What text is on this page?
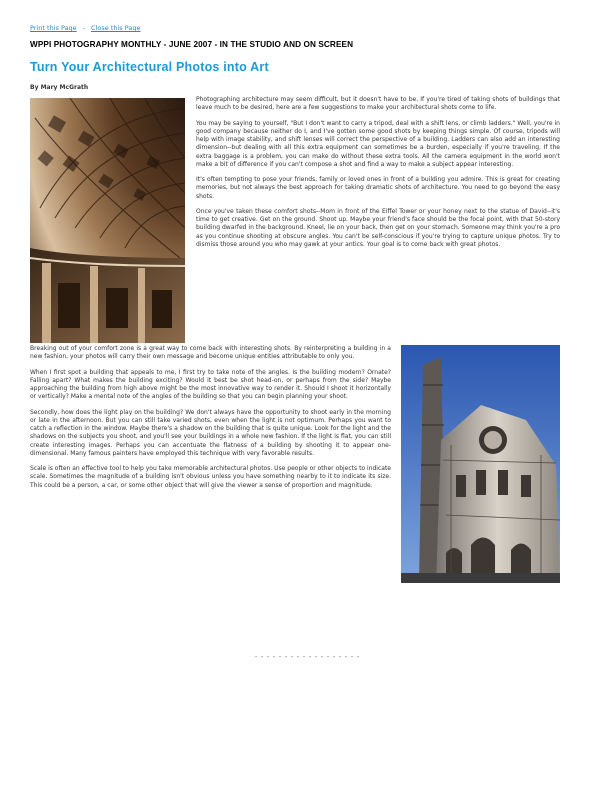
Print this Page - Close this Page
WPPI PHOTOGRAPHY MONTHLY - JUNE 2007 - IN THE STUDIO AND ON SCREEN
Turn Your Architectural Photos into Art
By Mary McGrath

Photographing architecture may seem difficult, but it doesn't have to be. If you're tired of taking shots of buildings that leave much to be desired, here are a few suggestions to make your architectural shots come to life.

You may be saying to yourself, "But I don't want to carry a tripod, deal with a shift lens, or climb ladders." Well, you're in good company because neither do I, and I've gotten some good shots by keeping things simple. Of course, tripods will help with image stability, and shift lenses will correct the perspective of a building. Ladders can also add an interesting dimension--but dealing with all this extra equipment can sometimes be a burden, especially if you're traveling. If the extra baggage is a problem, you can make do without these extra tools. All the camera equipment in the world won't make a bit of difference if you can't compose a shot and find a way to make a subject appear interesting.

It's often tempting to pose your friends, family or loved ones in front of a building you admire. This is great for creating memories, but not always the best approach for taking dramatic shots of architecture. You need to go beyond the easy shots.

Once you've taken these comfort shots--Mom in front of the Eiffel Tower or your honey next to the statue of David--it's time to get creative. Get on the ground. Shoot up. Maybe your friend's face should be the focal point, with that 50-story building dwarfed in the background. Kneel, lie on your back, then get on your stomach. Someone may think you're a pro as you continue shooting at obscure angles. You can't be self-conscious if you're trying to capture unique photos. Try to dismiss those around you who may gawk at your antics. Your goal is to come back with great photos.

Breaking out of your comfort zone is a great way to come back with interesting shots. By reinterpreting a building in a new fashion, your photos will carry their own message and become unique entities attributable to only you.

When I first spot a building that appeals to me, I first try to take note of the angles. Is the building modern? Ornate? Falling apart? What makes the building exciting? Would it best be shot head-on, or perhaps from the side? Maybe approaching the building from high above might be the most innovative way to render it. Should I shoot it horizontally or vertically? Make a mental note of the angles of the building so that you can begin planning your shoot.

Secondly, how does the light play on the building? We don't always have the opportunity to shoot early in the morning or late in the afternoon. But you can still take varied shots, even when the light is not optimum. Perhaps you want to catch a reflection in the window. Maybe there's a shadow on the building that is quite unique. Look for the light and the shadows on the subjects you shoot, and you'll see your buildings in a whole new fashion. If the light is flat, you can still create interesting images. Perhaps you can accentuate the flatness of a building by shooting it to appear one-dimensional. Many famous painters have employed this technique with very favorable results.

Scale is often an effective tool to help you take memorable architectural photos. Use people or other objects to indicate scale. Sometimes the magnitude of a building isn't obvious unless you have something nearby to it to indicate its size. This could be a person, a car, or some other object that will give the viewer a sense of proportion and magnitude.
